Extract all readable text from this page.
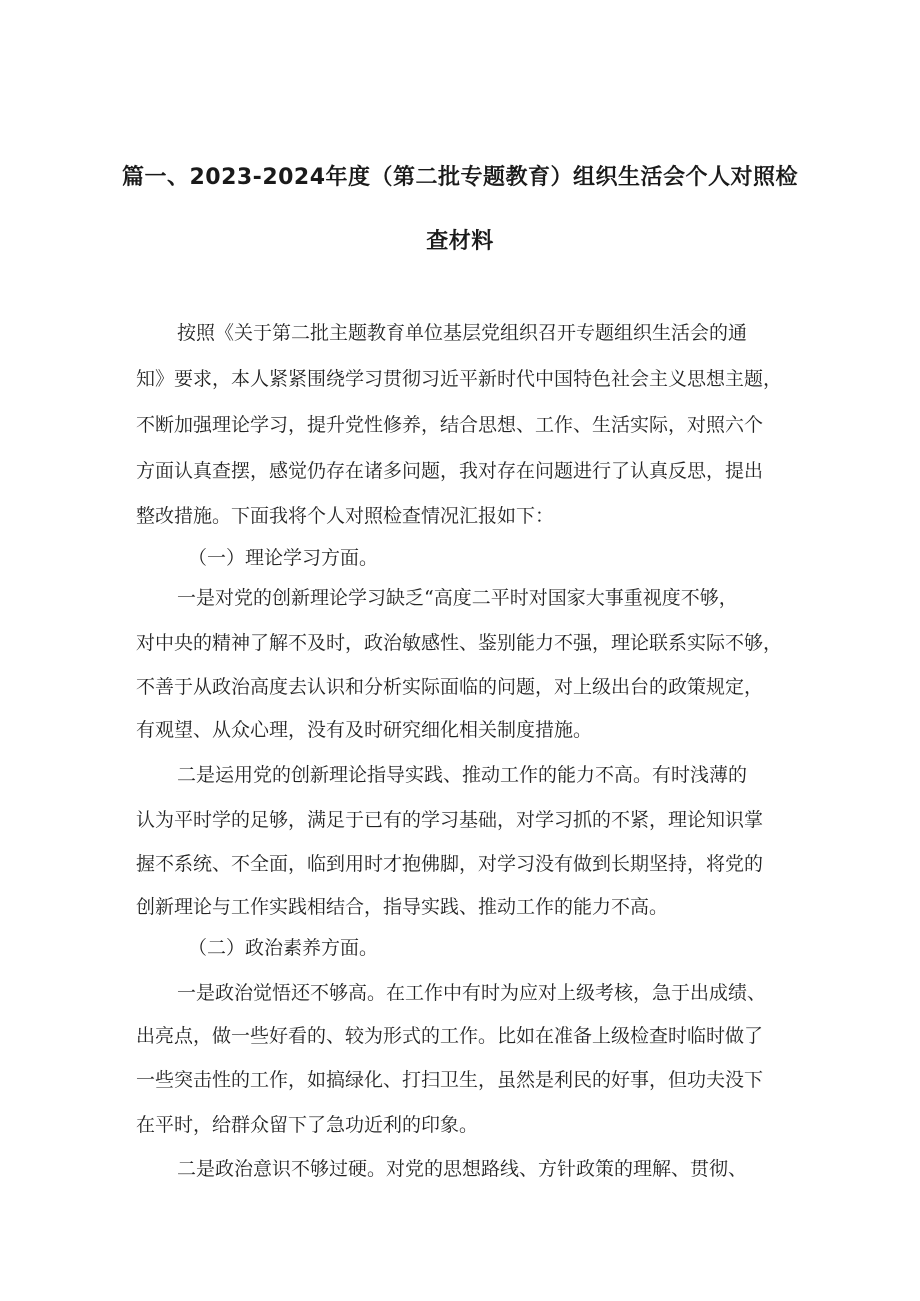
篇一、2023-2024年度（第二批专题教育）组织生活会个人对照检
查材料
按照《关于第二批主题教育单位基层党组织召开专题组织生活会的通
知》要求，本人紧紧围绕学习贯彻习近平新时代中国特色社会主义思想主题，
不断加强理论学习，提升党性修养，结合思想、工作、生活实际，对照六个
方面认真查摆，感觉仍存在诸多问题，我对存在问题进行了认真反思，提出
整改措施。下面我将个人对照检查情况汇报如下：
（一）理论学习方面。
一是对党的创新理论学习缺乏“高度二平时对国家大事重视度不够，
对中央的精神了解不及时，政治敏感性、鉴别能力不强，理论联系实际不够，
不善于从政治高度去认识和分析实际面临的问题，对上级出台的政策规定，
有观望、从众心理，没有及时研究细化相关制度措施。
二是运用党的创新理论指导实践、推动工作的能力不高。有时浅薄的
认为平时学的足够，满足于已有的学习基础，对学习抓的不紧，理论知识掌
握不系统、不全面，临到用时才抱佛脚，对学习没有做到长期坚持，将党的
创新理论与工作实践相结合，指导实践、推动工作的能力不高。
（二）政治素养方面。
一是政治觉悟还不够高。在工作中有时为应对上级考核，急于出成绩、
出亮点，做一些好看的、较为形式的工作。比如在准备上级检查时临时做了
一些突击性的工作，如搞绿化、打扫卫生，虽然是利民的好事，但功夫没下
在平时，给群众留下了急功近利的印象。
二是政治意识不够过硬。对党的思想路线、方针政策的理解、贯彻、
